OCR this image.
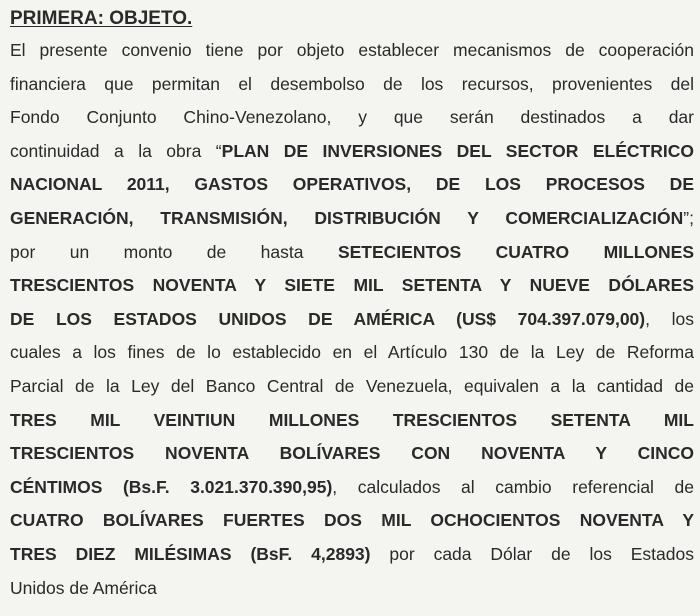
PRIMERA: OBJETO.
El presente convenio tiene por objeto establecer mecanismos de cooperación
financiera que permitan el desembolso de los recursos, provenientes del
Fondo Conjunto Chino-Venezolano, y que serán destinados a dar
continuidad a la obra “PLAN DE INVERSIONES DEL SECTOR ELÉCTRICO
NACIONAL 2011, GASTOS OPERATIVOS, DE LOS PROCESOS DE
GENERACIÓN, TRANSMISIÓN, DISTRIBUCIÓN Y COMERCIALIZACIÓN”;
por un monto de hasta SETECIENTOS CUATRO MILLONES
TRESCIENTOS NOVENTA Y SIETE MIL SETENTA Y NUEVE DÓLARES
DE LOS ESTADOS UNIDOS DE AMÉRICA (US$ 704.397.079,00), los
cuales a los fines de lo establecido en el Artículo 130 de la Ley de Reforma
Parcial de la Ley del Banco Central de Venezuela, equivalen a la cantidad de
TRES MIL VEINTIUN MILLONES TRESCIENTOS SETENTA MIL
TRESCIENTOS NOVENTA BOLÍVARES CON NOVENTA Y CINCO
CÉNTIMOS (Bs.F. 3.021.370.390,95), calculados al cambio referencial de
CUATRO BOLÍVARES FUERTES DOS MIL OCHOCIENTOS NOVENTA Y
TRES DIEZ MILÉSIMAS (BsF. 4,2893) por cada Dólar de los Estados
Unidos de América
